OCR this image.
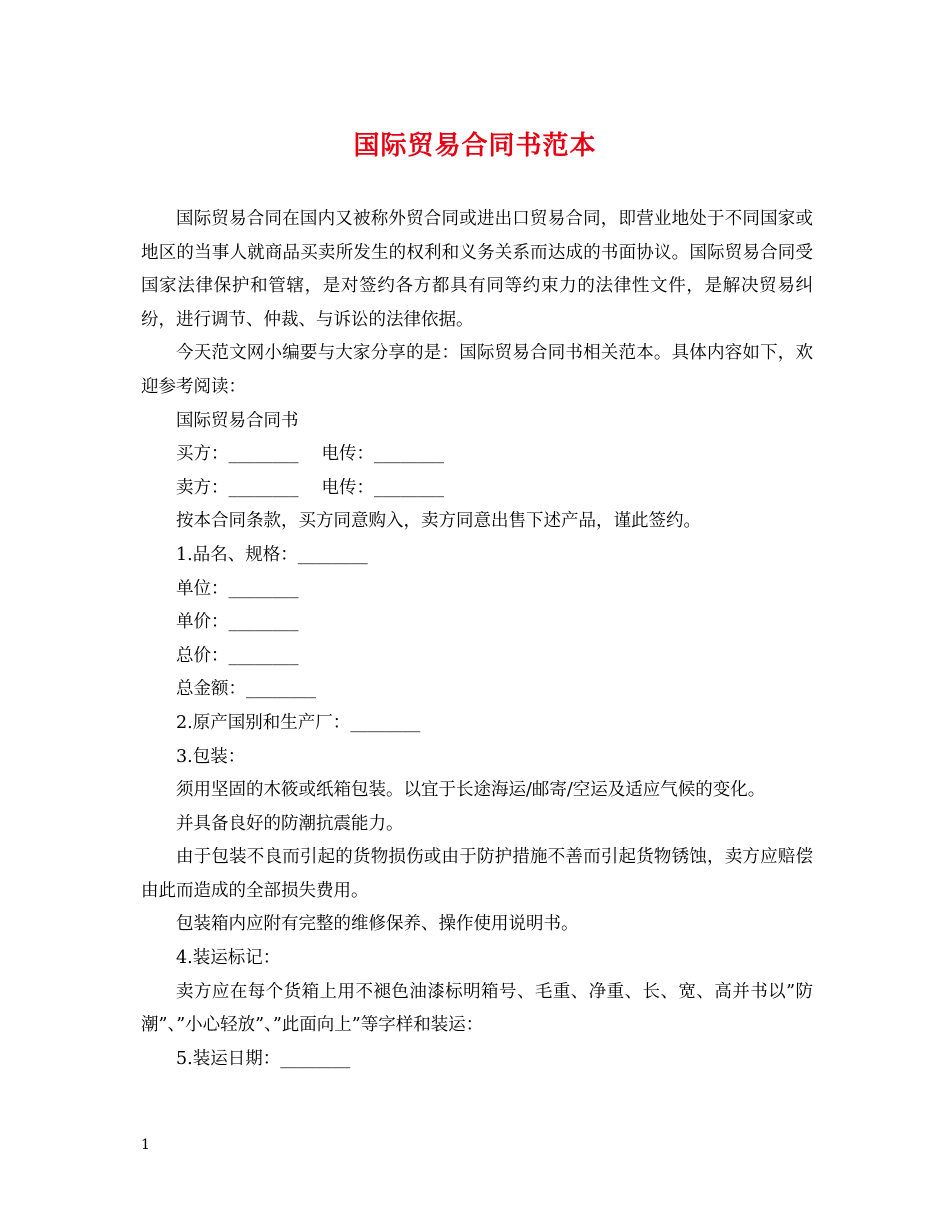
国际贸易合同书范本

国际贸易合同在国内又被称外贸合同或进出口贸易合同，即营业地处于不同国家或地区的当事人就商品买卖所发生的权利和义务关系而达成的书面协议。国际贸易合同受国家法律保护和管辖，是对签约各方都具有同等约束力的法律性文件，是解决贸易纠纷，进行调节、仲裁、与诉讼的法律依据。

今天范文网小编要与大家分享的是：国际贸易合同书相关范本。具体内容如下，欢迎参考阅读：

国际贸易合同书

买方：________　 电传：________

卖方：________　 电传：________

按本合同条款，买方同意购入，卖方同意出售下述产品，谨此签约。

1.品名、规格：________

单位：________

单价：________

总价：________

总金额：________

2.原产国别和生产厂：________

3.包装：

须用坚固的木筱或纸箱包装。以宜于长途海运/邮寄/空运及适应气候的变化。

并具备良好的防潮抗震能力。

由于包装不良而引起的货物损伤或由于防护措施不善而引起货物锈蚀，卖方应赔偿由此而造成的全部损失费用。

包装箱内应附有完整的维修保养、操作使用说明书。

4.装运标记：

卖方应在每个货箱上用不褪色油漆标明箱号、毛重、净重、长、宽、高并书以”防潮”、”小心轻放”、”此面向上”等字样和装运：

5.装运日期：________

1
